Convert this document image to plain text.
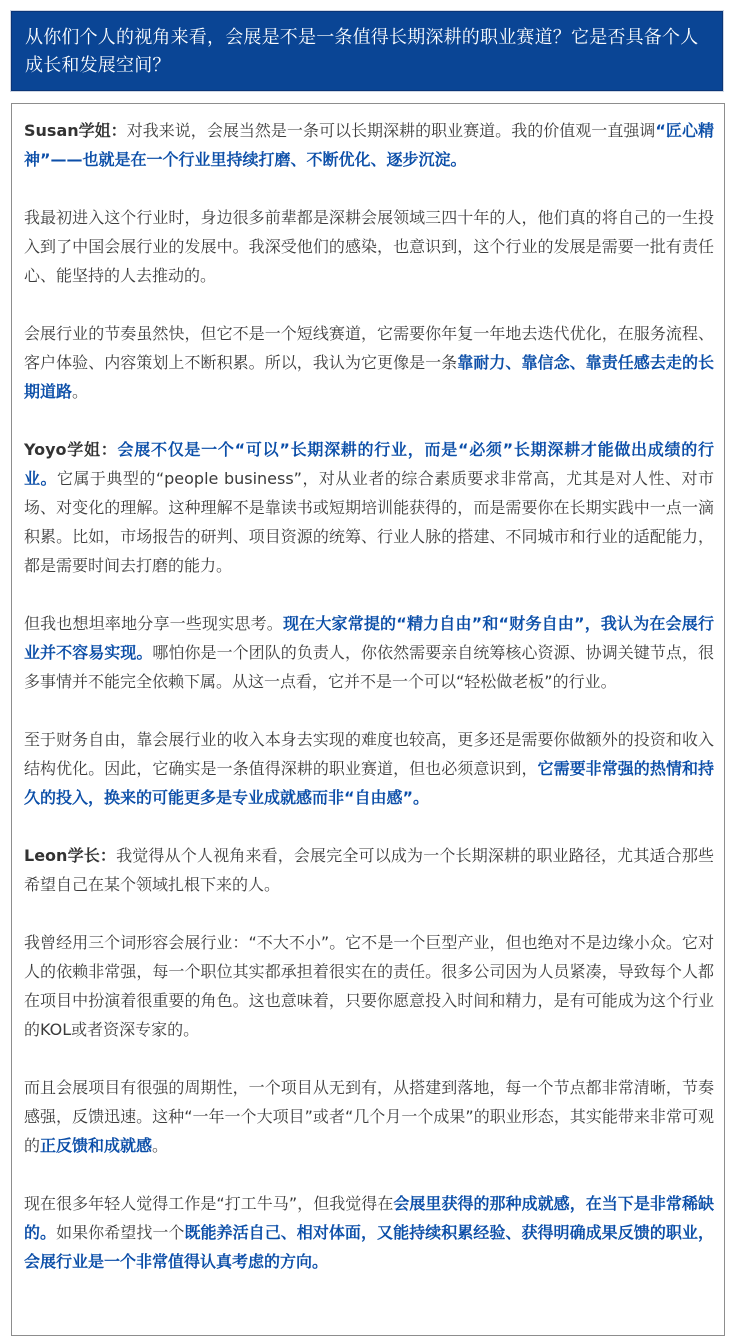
从你们个人的视角来看，会展是不是一条值得长期深耕的职业赛道？它是否具备个人成长和发展空间？

Susan学姐：对我来说，会展当然是一条可以长期深耕的职业赛道。我的价值观一直强调“匠心精神”——也就是在一个行业里持续打磨、不断优化、逐步沉淀。

我最初进入这个行业时，身边很多前辈都是深耕会展领域三四十年的人，他们真的将自己的一生投入到了中国会展行业的发展中。我深受他们的感染，也意识到，这个行业的发展是需要一批有责任心、能坚持的人去推动的。

会展行业的节奏虽然快，但它不是一个短线赛道，它需要你年复一年地去迭代优化，在服务流程、客户体验、内容策划上不断积累。所以，我认为它更像是一条靠耐力、靠信念、靠责任感去走的长期道路。

Yoyo学姐：会展不仅是一个“可以”长期深耕的行业，而是“必须”长期深耕才能做出成绩的行业。它属于典型的“people business”，对从业者的综合素质要求非常高，尤其是对人性、对市场、对变化的理解。这种理解不是靠读书或短期培训能获得的，而是需要你在长期实践中一点一滴积累。比如，市场报告的研判、项目资源的统筹、行业人脉的搭建、不同城市和行业的适配能力，都是需要时间去打磨的能力。

但我也想坦率地分享一些现实思考。现在大家常提的“精力自由”和“财务自由”，我认为在会展行业并不容易实现。哪怕你是一个团队的负责人，你依然需要亲自统筹核心资源、协调关键节点，很多事情并不能完全依赖下属。从这一点看，它并不是一个可以“轻松做老板”的行业。

至于财务自由，靠会展行业的收入本身去实现的难度也较高，更多还是需要你做额外的投资和收入结构优化。因此，它确实是一条值得深耕的职业赛道，但也必须意识到，它需要非常强的热情和持久的投入，换来的可能更多是专业成就感而非“自由感”。

Leon学长：我觉得从个人视角来看，会展完全可以成为一个长期深耕的职业路径，尤其适合那些希望自己在某个领域扎根下来的人。

我曾经用三个词形容会展行业：“不大不小”。它不是一个巨型产业，但也绝对不是边缘小众。它对人的依赖非常强，每一个职位其实都承担着很实在的责任。很多公司因为人员紧凑，导致每个人都在项目中扮演着很重要的角色。这也意味着，只要你愿意投入时间和精力，是有可能成为这个行业的KOL或者资深专家的。

而且会展项目有很强的周期性，一个项目从无到有，从搭建到落地，每一个节点都非常清晰，节奏感强，反馈迅速。这种“一年一个大项目”或者“几个月一个成果”的职业形态，其实能带来非常可观的正反馈和成就感。

现在很多年轻人觉得工作是“打工牛马”，但我觉得在会展里获得的那种成就感，在当下是非常稀缺的。如果你希望找一个既能养活自己、相对体面，又能持续积累经验、获得明确成果反馈的职业，会展行业是一个非常值得认真考虑的方向。
